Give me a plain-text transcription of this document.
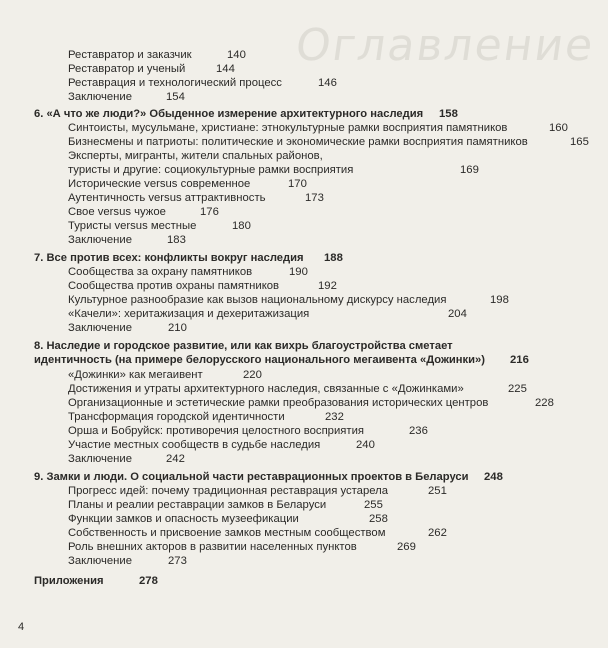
Оглавление
Реставратор и заказчик	140
Реставратор и ученый	144
Реставрация и технологический процесс	146
Заключение	154
6. «А что же люди?» Обыденное измерение архитектурного наследия 158
Синтоисты, мусульмане, христиане: этнокультурные рамки восприятия памятников	160
Бизнесмены и патриоты: политические и экономические рамки восприятия памятников	165
Эксперты, мигранты, жители спальных районов,
туристы и другие: социокультурные рамки восприятия	169
Исторические versus современное	170
Аутентичность versus аттрактивность	173
Свое versus чужое	176
Туристы versus местные	180
Заключение	183
7. Все против всех: конфликты вокруг наследия 188
Сообщества за охрану памятников	190
Сообщества против охраны памятников	192
Культурное разнообразие как вызов национальному дискурсу наследия	198
«Качели»: херитажизация и дехеритажизация	204
Заключение	210
8. Наследие и городское развитие, или как вихрь благоустройства сметает
идентичность (на примере белорусского национального мегаивента «Дожинки») 216
«Дожинки» как мегаивент	220
Достижения и утраты архитектурного наследия, связанные с «Дожинками»	225
Организационные и эстетические рамки преобразования исторических центров	228
Трансформация городской идентичности	232
Орша и Бобруйск: противоречия целостного восприятия	236
Участие местных сообществ в судьбе наследия	240
Заключение	242
9. Замки и люди. О социальной части реставрационных проектов в Беларуси 248
Прогресс идей: почему традиционная реставрация устарела	251
Планы и реалии реставрации замков в Беларуси	255
Функции замков и опасность музеефикации	258
Собственность и присвоение замков местным сообществом	262
Роль внешних акторов в развитии населенных пунктов	269
Заключение	273
Приложения	278
4
